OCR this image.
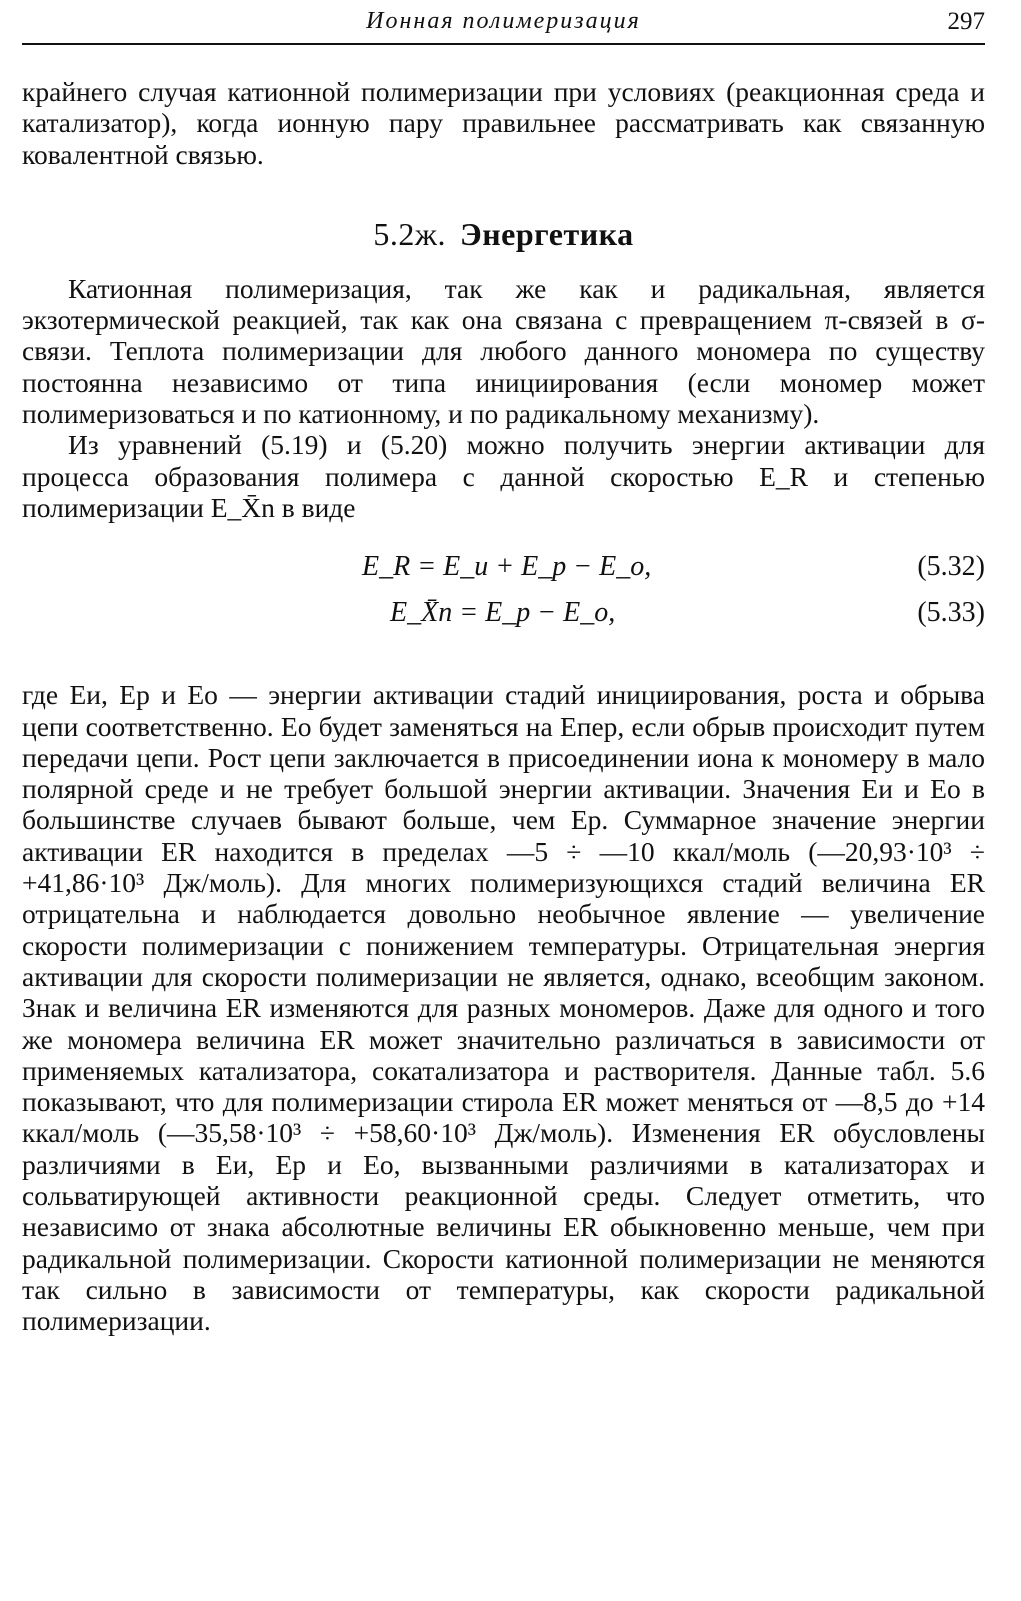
Ионная полимеризация	297

крайнего случая катионной полимеризации при условиях (реакционная среда и катализатор), когда ионную пару правильнее рассматривать как связанную ковалентной связью.

5.2ж. Энергетика

Катионная полимеризация, так же как и радикальная, является экзотермической реакцией, так как она связана с превращением π-связей в σ-связи. Теплота полимеризации для любого данного мономера по существу постоянна независимо от типа инициирования (если мономер может полимеризоваться и по катионному, и по радикальному механизму).

Из уравнений (5.19) и (5.20) можно получить энергии активации для процесса образования полимера с данной скоростью E_R и степенью полимеризации E_X̄n в виде

E_R = E_и + E_р − E_о,	(5.32)
E_X̄n = E_р − E_о,	(5.33)

где Eи, Eр и Eо — энергии активации стадий инициирования, роста и обрыва цепи соответственно. Eо будет заменяться на Eпер, если обрыв происходит путем передачи цепи. Рост цепи заключается в присоединении иона к мономеру в мало полярной среде и не требует большой энергии активации. Значения Eи и Eо в большинстве случаев бывают больше, чем Eр. Суммарное значение энергии активации ER находится в пределах —5 ÷ —10 ккал/моль (—20,93·10³ ÷ +41,86·10³ Дж/моль). Для многих полимеризующихся стадий величина ER отрицательна и наблюдается довольно необычное явление — увеличение скорости полимеризации с понижением температуры. Отрицательная энергия активации для скорости полимеризации не является, однако, всеобщим законом. Знак и величина ER изменяются для разных мономеров. Даже для одного и того же мономера величина ER может значительно различаться в зависимости от применяемых катализатора, сокатализатора и растворителя. Данные табл. 5.6 показывают, что для полимеризации стирола ER может меняться от —8,5 до +14 ккал/моль (—35,58·10³ ÷ +58,60·10³ Дж/моль). Изменения ER обусловлены различиями в Eи, Eр и Eо, вызванными различиями в катализаторах и сольватирующей активности реакционной среды. Следует отметить, что независимо от знака абсолютные величины ER обыкновенно меньше, чем при радикальной полимеризации. Скорости катионной полимеризации не меняются так сильно в зависимости от температуры, как скорости радикальной полимеризации.
